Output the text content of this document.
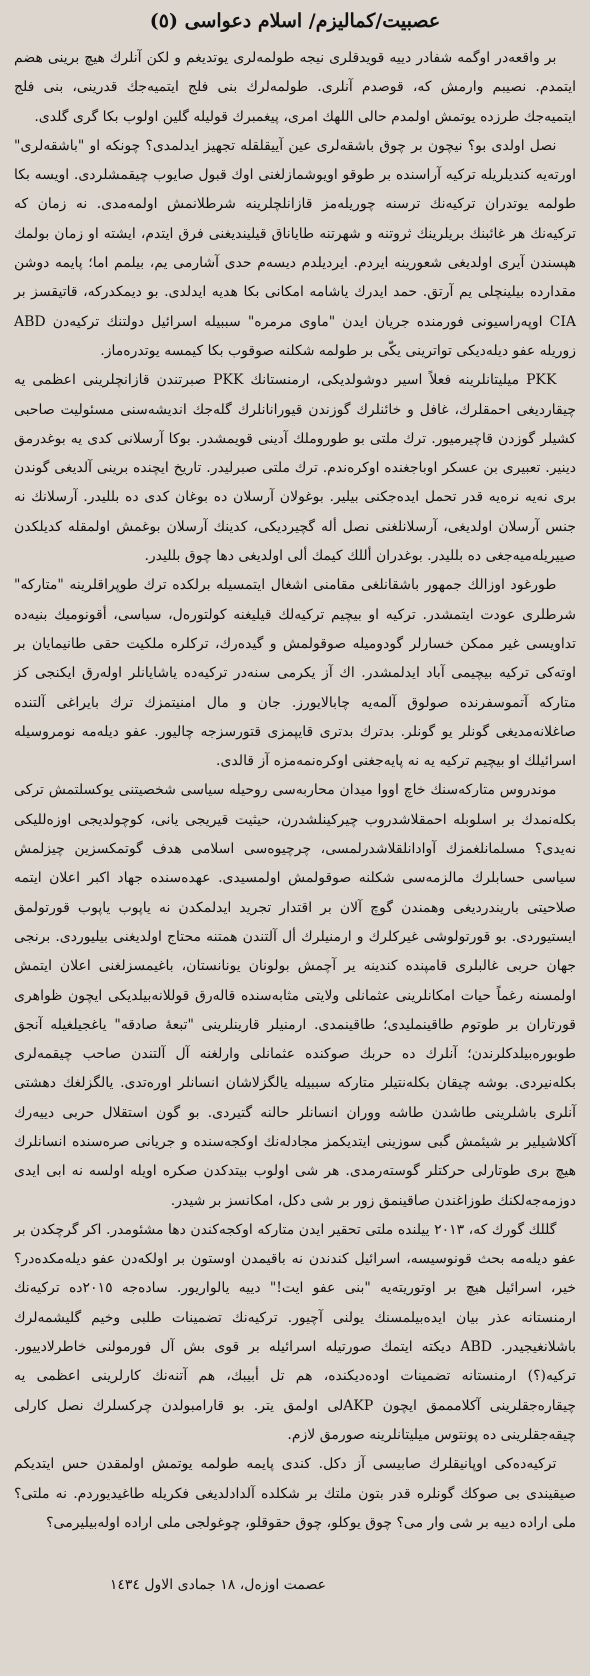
عصبیت/کمالیزم/ اسلام دعواسی (٥)

بر واقعه‌در اوگمه شفادر دییه قویدقلری نیجه طولمه‌لری یوتدیغم و لکن آنلرك هیچ برینی هضم ایتمدم. نصیبم وارمش که، قوصدم آنلری. طولمه‌لرك بنی فلج ایتمیه‌جك قدرینی، بنی فلج ایتمیه‌جك طرزده یوتمش اولمدم حالی اللهك امری، پیغمبرك قولیله گلین اولوب بكا گری گلدی.

نصل اولدی بو؟ نیچون بر چوق باشقه‌لری عین آییقلقله تجهیز ایدلمدی؟ چونکه او "باشقه‌لری" اورته‌یه کندیلریله ترکیه آراسنده بر طوقو اویوشمازلغنی اوك قبول صایوب چیقمشلردی. اویسه بكا طولمه یوتدران ترکیه‌نك ترسنه چوریله‌مز قازانلچلرینه شرطلانمش اولمه‌مدی. نه زمان که ترکیه‌نك هر غائبنك بریلرینك ثروتنه و شهرتنه طایاناق قیلیندیغنی فرق ایتدم، ایشته او زمان بولمك هپسندن آیری اولدیغی شعورینه ایردم. ایردیلدم دیسه‌م حدی آشارمی یم، بیلمم اما؛ پایمه دوشن مقدارده بیلینچلی یم آرتق. حمد ایدرك یاشامه امکانی بكا هدیه ایدلدی. بو دیمکدرکه، قاتیقسز بر CIA اوپه‌راسیونی فورمنده جریان ایدن "ماوی مرمره" سببیله اسرائیل دولتنك ترکیه‌دن ABD زوریله عفو دیله‌دیکی تواترینی یکّی بر طولمه شکلنه صوقوب بكا کیمسه یوتدره‌ماز.

PKK میلیتانلرینه فعلاً اسیر دوشولدیکی، ارمنستانك PKK صبرتندن قازانچلرینی اعظمی یه چیقاردیغی احمقلرك، غافل و خائنلرك گوزندن قیورانانلرك گله‌جك اندیشه‌سنی مسئولیت صاحبی کشیلر گوزدن قاچیرمیور. ترك ملتی بو طوروملك آدینی قویمشدر. بوكا آرسلانی کدی یه بوغدرمق دینیر. تعبیری بن عسكر اوباجغنده اوکره‌ندم. ترك ملتی صبرلیدر. تاریخ ایچنده برینی آلدیغی گوندن بری نه‌یه نره‌یه قدر تحمل ایده‌جکنی بیلیر. بوغولان آرسلان ده بوغان کدی ده بللیدر. آرسلانك نه جنس آرسلان اولدیغی، آرسلانلغنی نصل أله گچیردیکی، کدینك آرسلان بوغمش اولمقله کدیلکدن صییریله‌میه‌جغی ده بللیدر. بوغدران أللك کیمك ألی اولدیغی دها چوق بللیدر.

طورغود اوزالك جمهور باشقانلغی مقامنی اشغال ایتمسیله برلکده ترك طوپراقلرینه "متارکه" شرطلری عودت ایتمشدر. ترکیه او بیچیم ترکیه‌لك قیلیغنه کولتورەل، سیاسی، أقونومیك بنیه‌ده تداویسی غیر ممکن خسارلر گودومیله صوقولمش و گیده‌رك، ترکلره ملکیت حقی طانیمایان بر اوته‌کی ترکیه بیچیمی آباد ایدلمشدر. اك آز یکرمی سنه‌در ترکیه‌ده یاشایانلر اولەرق ایکنجی کز متارکه آتموسفرنده صولوق آلمه‌یه چابالایورز. جان و مال امنیتمزك ترك بایراغی آلتنده صاغلانه‌مدیغی گونلر یو گونلر. بدترك بدتری قایپمزی قتورسزجه چالیور. عفو دیله‌مه نومروسیله اسرائیلك او بیچیم ترکیه یه نه پایه‌جغنی اوکره‌نمه‌مزه آز قالدی.

موندروس متارکه‌سنك خاچ اووا میدان محاربه‌سی روحیله سیاسی شخصیتنی یوکسلتمش ترکی بکله‌نمدك بر اسلوبله احمقلاشدروب چیرکینلشدرن، حیثیت قیریجی یانی، کوچولدیجی اوزه‌للیکی نه‌یدی؟ مسلمانلغمزك آوادانلقلاشدرلمسی، چرچیوه‌سی اسلامی هدف گوتمکسزین چیزلمش سیاسی حسابلرك مالزمه‌سی شکلنه صوقولمش اولمسیدی. عهده‌سنده جهاد اکبر اعلان ایتمه صلاحیتی باریندردیغی وهمندن گوچ آلان بر اقتدار تجرید ایدلمکدن نه یاپوب یاپوب قورتولمق ایستیوردی. بو قورتولوشی غیرکلرك و ارمنیلرك أل آلتندن همتنه محتاج اولدیغنی بیلیوردی. برنجی جهان حربی غالبلری قامپنده کندینه یر آچمش بولونان یونانستان، باغیمسزلغنی اعلان ایتمش اولمسنه رغماً حیات امکانلرینی عثمانلی ولایتی مثابه‌سنده قالەرق قوللانه‌بیلدیکی ایچون ظواهری قورتاران بر طوتوم طاقینملیدی؛ طاقینمدی. ارمنیلر قارینلرینی "تبعهٔ صادقه" یاغجیلغیله آنجق طوبورەبیلدکلرندن؛ آنلرك ده حربك صوکنده عثمانلی وارلغنه آل آلتندن صاحب چیقمه‌لری بکلەنیردی. بوشه چیقان بکله‌نتیلر متارکه سببیله یالگزلاشان انسانلر اورەتدی. یالگزلغك دهشتی آنلری باشلرینی طاشدن طاشه ووران انسانلر حالنه گتیردی. بو گون استقلال حربی دییەرك آكلاشیلیر بر شیئمش گبی سوزینی ایتدیکمز مجادله‌نك اوکجه‌سنده و جریانی صره‌سنده انسانلرك هیچ بری طوتارلی حرکتلر گوستەرمدی. هر شی اولوب بیتدکدن صکره اویله اولسه نه ابی ایدی دوزمه‌جه‌لکنك طوزاغندن صاقینمق زور بر شی دکل، امکانسز بر شیدر.

گللك گورك كه، ٢٠١٣ ییلنده ملتی تحقیر ایدن متارکه اوکجه‌کندن دها مشئومدر. اکر گرچکدن بر عفو دیلەمه بحث قونوسیسه، اسرائیل کندندن نه باقیمدن اوستون بر اولکه‌دن عفو دیله‌مکده‌در؟ خیر، اسرائیل هیچ بر اوتوریته‌یه "بنی عفو ایت!" دییه یالواریور. ساده‌جه ٢٠١٥‌ده ترکیه‌نك ارمنستانه عذر بیان ایده‌بیلمسنك یولنی آچیور. ترکیه‌نك تضمینات طلبی وخیم گلیشمەلرك باشلانغیجیدر. ABD دیکته ایتمك صورتیله اسرائیله بر قوی بش آل فورمولنی خاطرلادییور. ترکیه(؟) ارمنستانه تضمینات اوده‌دیکنده، هم تل أبیبك، هم آتنه‌نك کارلرینی اعظمی یه چیقارەجقلرینی آکلامممق ایچون AKPلی اولمق یتر. بو قارامبولدن چرکسلرك نصل کارلی چیقەجقلرینی ده پونتوس میلیتانلرینه صورمق لازم.

ترکیه‌ده‌کی اوپانیقلرك صابیسی آز دکل. کندی پایمه طولمه یوتمش اولمقدن حس ایتدیکم صیقیندی بی صوكك گونلره قدر بتون ملتك بر شکلده آلدادلدیغی فکریله طاغیدیوردم. نه ملتی؟ ملی اراده دییه بر شی وار می؟ چوق یوکلو، چوق حقوقلو، چوغولجی ملی اراده اوله‌بیلیرمی؟

عصمت اوزەل، ١٨ جمادی الاول ١٤٣٤
